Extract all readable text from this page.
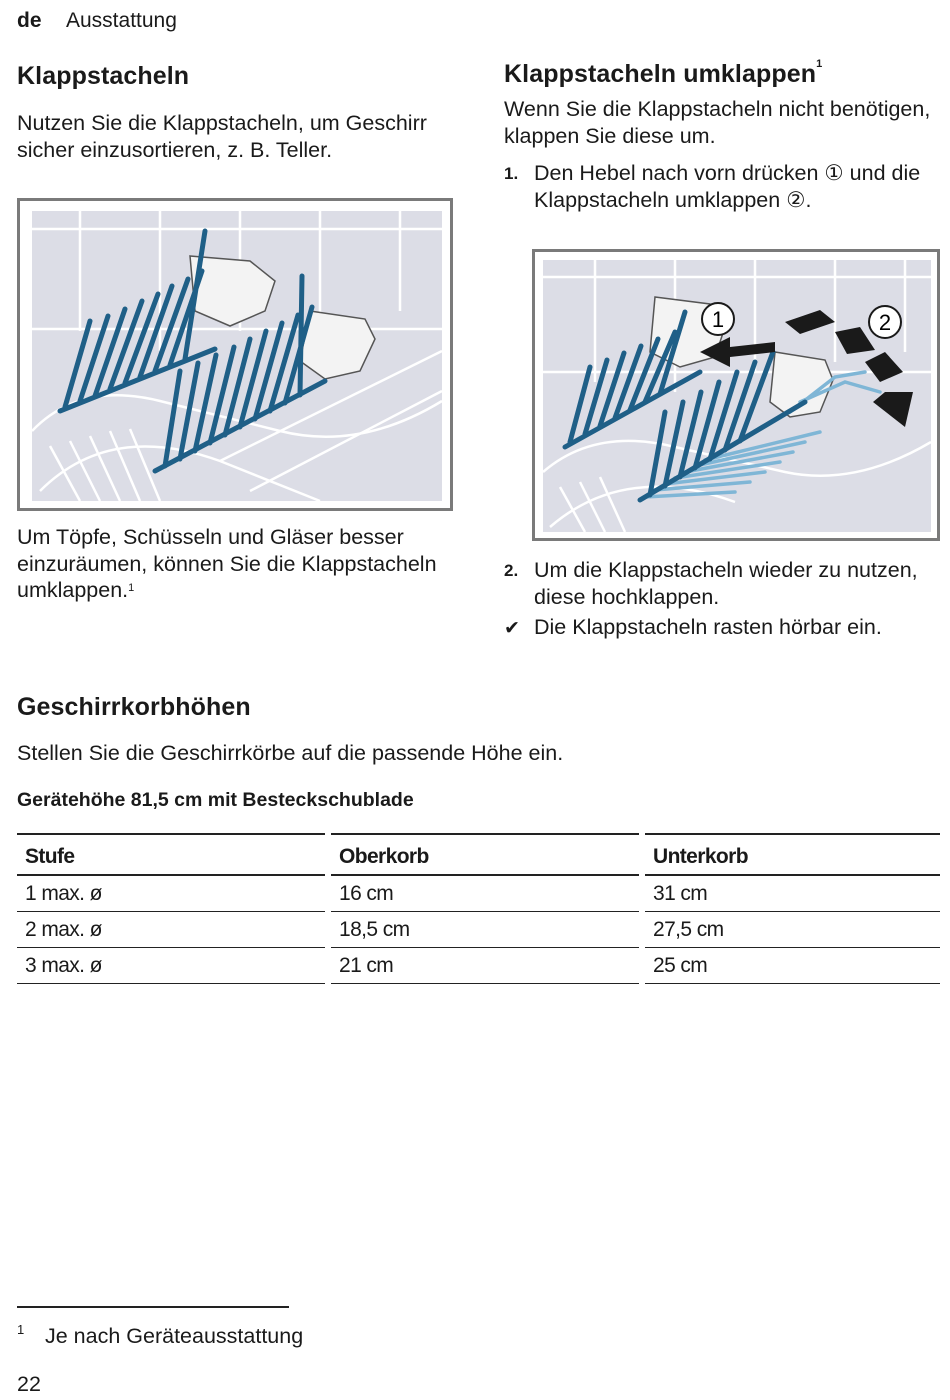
de Ausstattung
Klappstacheln
Nutzen Sie die Klappstacheln, um Geschirr sicher einzusortieren, z. B. Teller.
Um Töpfe, Schüsseln und Gläser besser einzuräumen, können Sie die Klappstacheln umklappen.$^1$
Klappstacheln umklappen$^1$
Wenn Sie die Klappstacheln nicht benötigen, klappen Sie diese um.
1. Den Hebel nach vorn drücken ① und die Klappstacheln umklappen ②.
1	2
2. Um die Klappstacheln wieder zu nutzen, diese hochklappen.
✔ Die Klappstacheln rasten hörbar ein.
Geschirrkorbhöhen
Stellen Sie die Geschirrkörbe auf die passende Höhe ein.
Gerätehöhe 81,5 cm mit Besteckschublade
Stufe	Oberkorb	Unterkorb
1 max. ø	16 cm	31 cm
2 max. ø	18,5 cm	27,5 cm
3 max. ø	21 cm	25 cm
1 Je nach Geräteausstattung
22
